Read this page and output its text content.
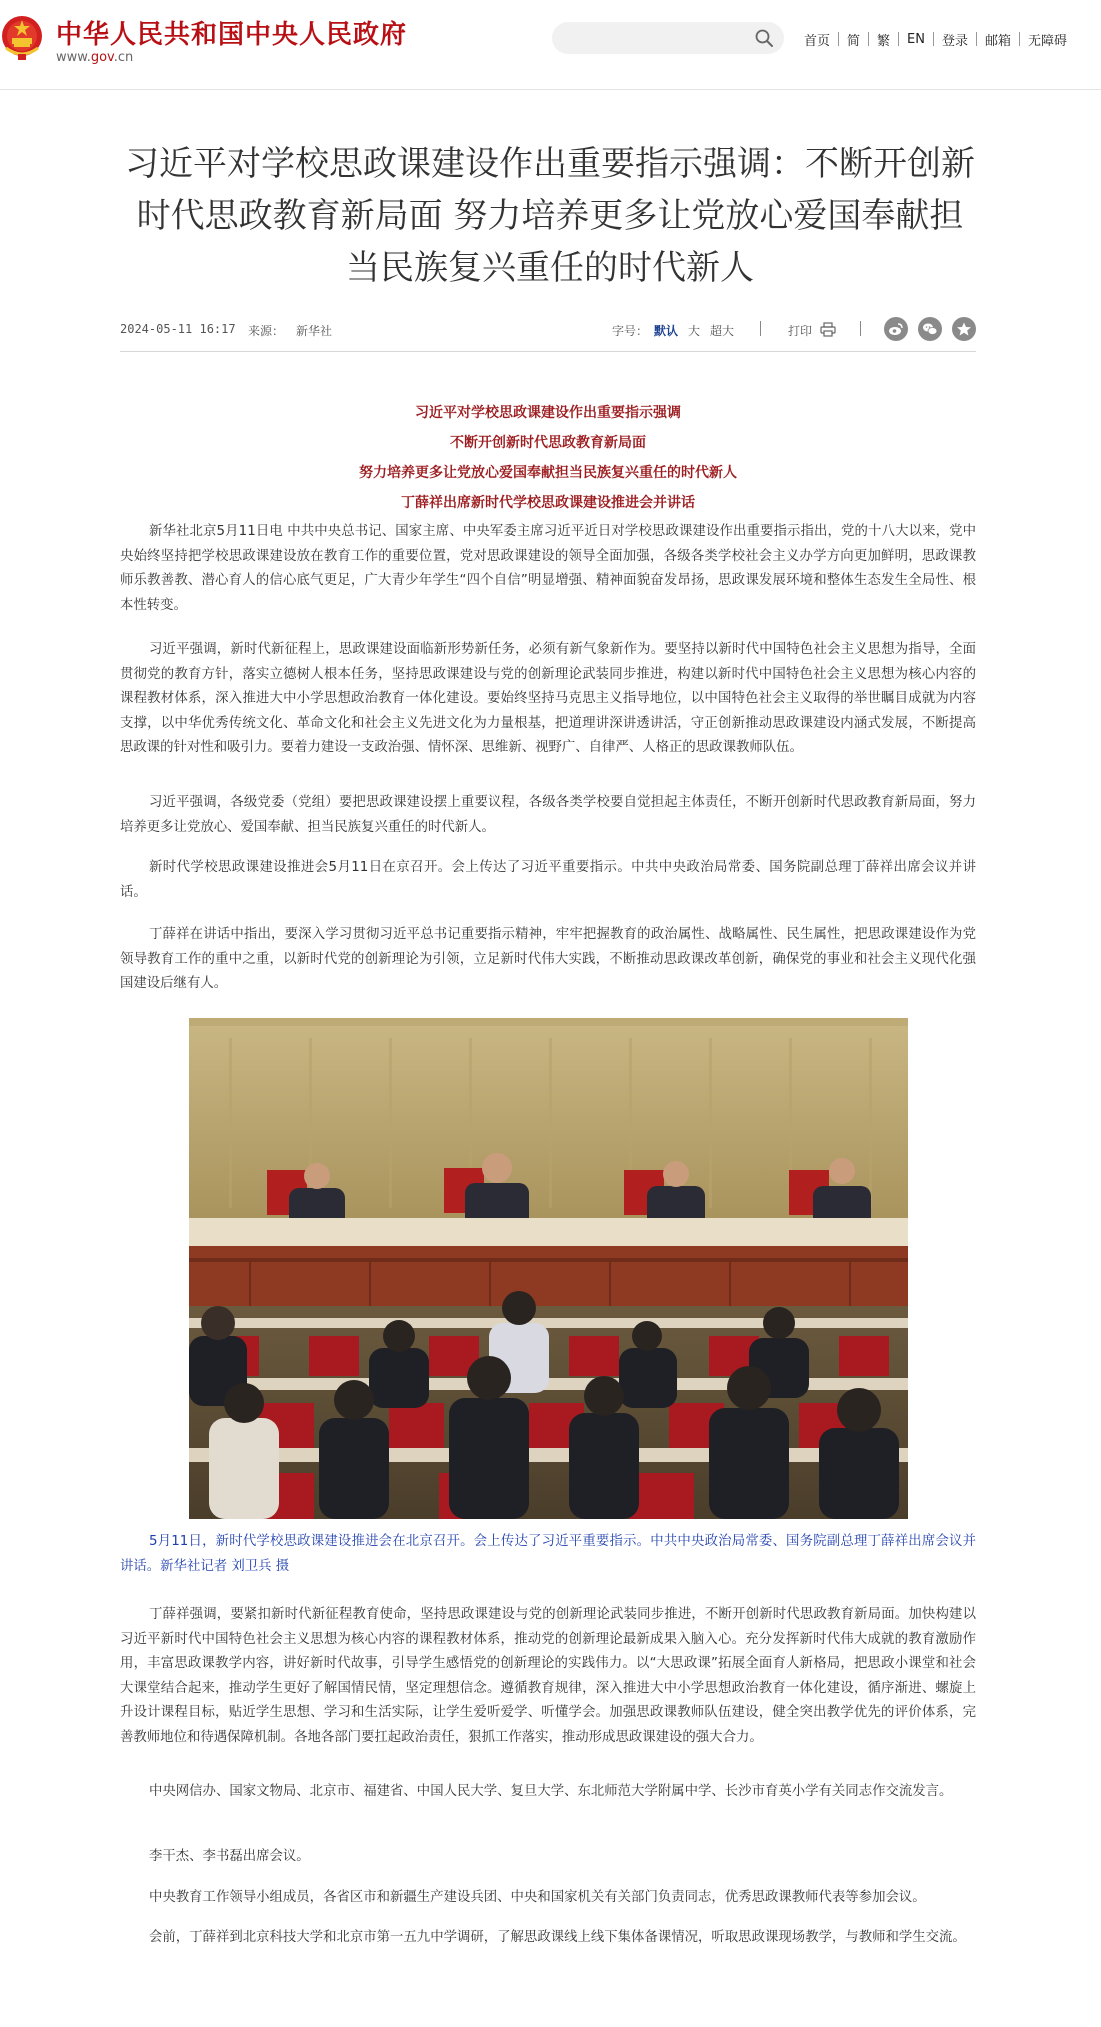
中华人民共和国中央人民政府
www.gov.cn
首页	简	繁	EN	登录	邮箱	无障碍
习近平对学校思政课建设作出重要指示强调：不断开创新时代思政教育新局面 努力培养更多让党放心爱国奉献担当民族复兴重任的时代新人
2024-05-11 16:17 来源： 新华社	字号： 默认 大 超大	打印
习近平对学校思政课建设作出重要指示强调
不断开创新时代思政教育新局面
努力培养更多让党放心爱国奉献担当民族复兴重任的时代新人
丁薛祥出席新时代学校思政课建设推进会并讲话

新华社北京5月11日电 中共中央总书记、国家主席、中央军委主席习近平近日对学校思政课建设作出重要指示指出，党的十八大以来，党中央始终坚持把学校思政课建设放在教育工作的重要位置，党对思政课建设的领导全面加强，各级各类学校社会主义办学方向更加鲜明，思政课教师乐教善教、潜心育人的信心底气更足，广大青少年学生“四个自信”明显增强、精神面貌奋发昂扬，思政课发展环境和整体生态发生全局性、根本性转变。

习近平强调，新时代新征程上，思政课建设面临新形势新任务，必须有新气象新作为。要坚持以新时代中国特色社会主义思想为指导，全面贯彻党的教育方针，落实立德树人根本任务，坚持思政课建设与党的创新理论武装同步推进，构建以新时代中国特色社会主义思想为核心内容的课程教材体系，深入推进大中小学思想政治教育一体化建设。要始终坚持马克思主义指导地位，以中国特色社会主义取得的举世瞩目成就为内容支撑，以中华优秀传统文化、革命文化和社会主义先进文化为力量根基，把道理讲深讲透讲活，守正创新推动思政课建设内涵式发展，不断提高思政课的针对性和吸引力。要着力建设一支政治强、情怀深、思维新、视野广、自律严、人格正的思政课教师队伍。

习近平强调，各级党委（党组）要把思政课建设摆上重要议程，各级各类学校要自觉担起主体责任，不断开创新时代思政教育新局面，努力培养更多让党放心、爱国奉献、担当民族复兴重任的时代新人。

新时代学校思政课建设推进会5月11日在京召开。会上传达了习近平重要指示。中共中央政治局常委、国务院副总理丁薛祥出席会议并讲话。

丁薛祥在讲话中指出，要深入学习贯彻习近平总书记重要指示精神，牢牢把握教育的政治属性、战略属性、民生属性，把思政课建设作为党领导教育工作的重中之重，以新时代党的创新理论为引领，立足新时代伟大实践，不断推动思政课改革创新，确保党的事业和社会主义现代化强国建设后继有人。

5月11日，新时代学校思政课建设推进会在北京召开。会上传达了习近平重要指示。中共中央政治局常委、国务院副总理丁薛祥出席会议并讲话。新华社记者 刘卫兵 摄

丁薛祥强调，要紧扣新时代新征程教育使命，坚持思政课建设与党的创新理论武装同步推进，不断开创新时代思政教育新局面。加快构建以习近平新时代中国特色社会主义思想为核心内容的课程教材体系，推动党的创新理论最新成果入脑入心。充分发挥新时代伟大成就的教育激励作用，丰富思政课教学内容，讲好新时代故事，引导学生感悟党的创新理论的实践伟力。以“大思政课”拓展全面育人新格局，把思政小课堂和社会大课堂结合起来，推动学生更好了解国情民情，坚定理想信念。遵循教育规律，深入推进大中小学思想政治教育一体化建设，循序渐进、螺旋上升设计课程目标，贴近学生思想、学习和生活实际，让学生爱听爱学、听懂学会。加强思政课教师队伍建设，健全突出教学优先的评价体系，完善教师地位和待遇保障机制。各地各部门要扛起政治责任，狠抓工作落实，推动形成思政课建设的强大合力。

中央网信办、国家文物局、北京市、福建省、中国人民大学、复旦大学、东北师范大学附属中学、长沙市育英小学有关同志作交流发言。

李干杰、李书磊出席会议。

中央教育工作领导小组成员，各省区市和新疆生产建设兵团、中央和国家机关有关部门负责同志，优秀思政课教师代表等参加会议。

会前，丁薛祥到北京科技大学和北京市第一五九中学调研，了解思政课线上线下集体备课情况，听取思政课现场教学，与教师和学生交流。
